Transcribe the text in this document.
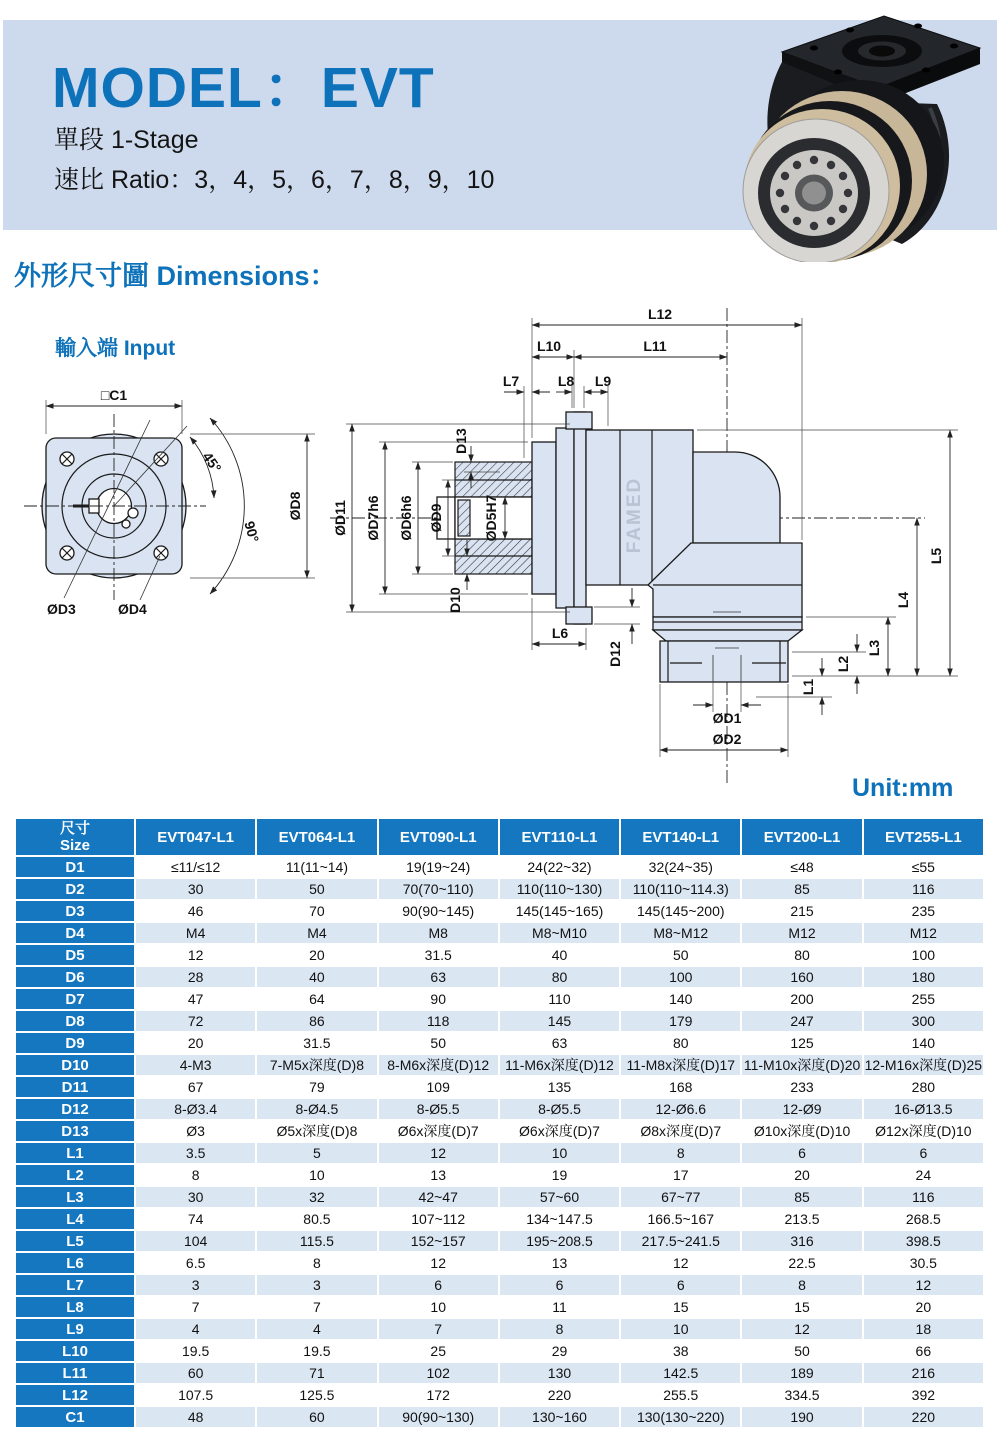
MODEL：EVT
單段 1-Stage
速比 Ratio：3，4，5，6，7，8，9，10
外形尺寸圖 Dimensions：
輸入端 Input
ØD3	ØD4
□C1
45°
90°
ØD8	FAMED
L12
L10	L11
L7	L8 L9
ØD11 ØD7h6 ØD6h6 ØD9	ØD5H7
D13
D10
L6
D12
ØD1
ØD2
L5
L4
L3
L2
L1
Unit:mm
尺寸
Size	EVT047-L1	EVT064-L1	EVT090-L1	EVT110-L1	EVT140-L1	EVT200-L1	EVT255-L1
D1	≤11/≤12	11(11~14)	19(19~24)	24(22~32)	32(24~35)	≤48	≤55
D2	30	50	70(70~110)	110(110~130)	110(110~114.3)	85	116
D3	46	70	90(90~145)	145(145~165)	145(145~200)	215	235
D4	M4	M4	M8	M8~M10	M8~M12	M12	M12
D5	12	20	31.5	40	50	80	100
D6	28	40	63	80	100	160	180
D7	47	64	90	110	140	200	255
D8	72	86	118	145	179	247	300
D9	20	31.5	50	63	80	125	140
D10	4-M3	7-M5x深度(D)8	8-M6x深度(D)12	11-M6x深度(D)12	11-M8x深度(D)17	11-M10x深度(D)20	12-M16x深度(D)25
D11	67	79	109	135	168	233	280
D12	8-Ø3.4	8-Ø4.5	8-Ø5.5	8-Ø5.5	12-Ø6.6	12-Ø9	16-Ø13.5
D13	Ø3	Ø5x深度(D)8	Ø6x深度(D)7	Ø6x深度(D)7	Ø8x深度(D)7	Ø10x深度(D)10	Ø12x深度(D)10
L1	3.5	5	12	10	8	6	6
L2	8	10	13	19	17	20	24
L3	30	32	42~47	57~60	67~77	85	116
L4	74	80.5	107~112	134~147.5	166.5~167	213.5	268.5
L5	104	115.5	152~157	195~208.5	217.5~241.5	316	398.5
L6	6.5	8	12	13	12	22.5	30.5
L7	3	3	6	6	6	8	12
L8	7	7	10	11	15	15	20
L9	4	4	7	8	10	12	18
L10	19.5	19.5	25	29	38	50	66
L11	60	71	102	130	142.5	189	216
L12	107.5	125.5	172	220	255.5	334.5	392
C1	48	60	90(90~130)	130~160	130(130~220)	190	220
